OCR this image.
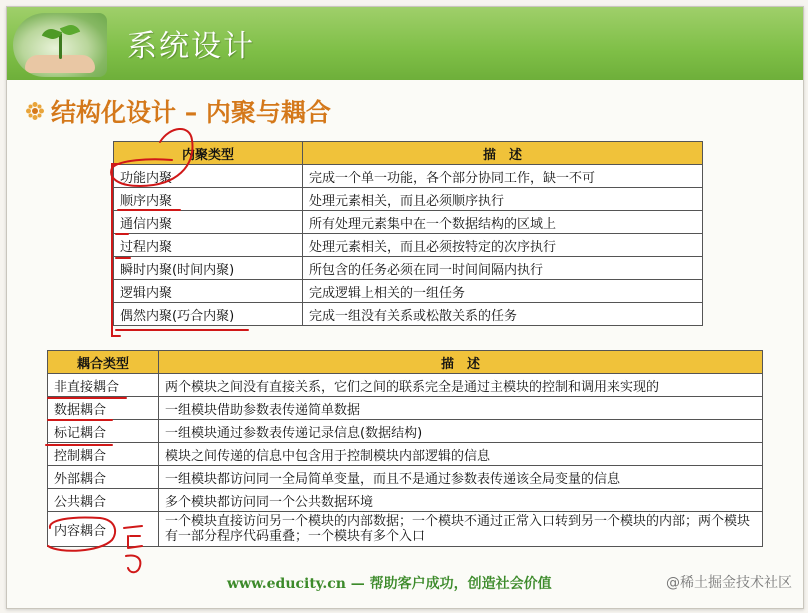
系统设计
结构化设计 – 内聚与耦合
内聚类型	描　述
功能内聚	完成一个单一功能，各个部分协同工作，缺一不可
顺序内聚	处理元素相关，而且必须顺序执行
通信内聚	所有处理元素集中在一个数据结构的区域上
过程内聚	处理元素相关，而且必须按特定的次序执行
瞬时内聚(时间内聚)	所包含的任务必须在同一时间间隔内执行
逻辑内聚	完成逻辑上相关的一组任务
偶然内聚(巧合内聚)	完成一组没有关系或松散关系的任务
耦合类型	描　述
非直接耦合	两个模块之间没有直接关系，它们之间的联系完全是通过主模块的控制和调用来实现的
数据耦合	一组模块借助参数表传递简单数据
标记耦合	一组模块通过参数表传递记录信息(数据结构)
控制耦合	模块之间传递的信息中包含用于控制模块内部逻辑的信息
外部耦合	一组模块都访问同一全局简单变量，而且不是通过参数表传递该全局变量的信息
公共耦合	多个模块都访问同一个公共数据环境
内容耦合	一个模块直接访问另一个模块的内部数据；一个模块不通过正常入口转到另一个模块的内部；两个模块有一部分程序代码重叠；一个模块有多个入口
www.educity.cn — 帮助客户成功，创造社会价值	@稀土掘金技术社区
